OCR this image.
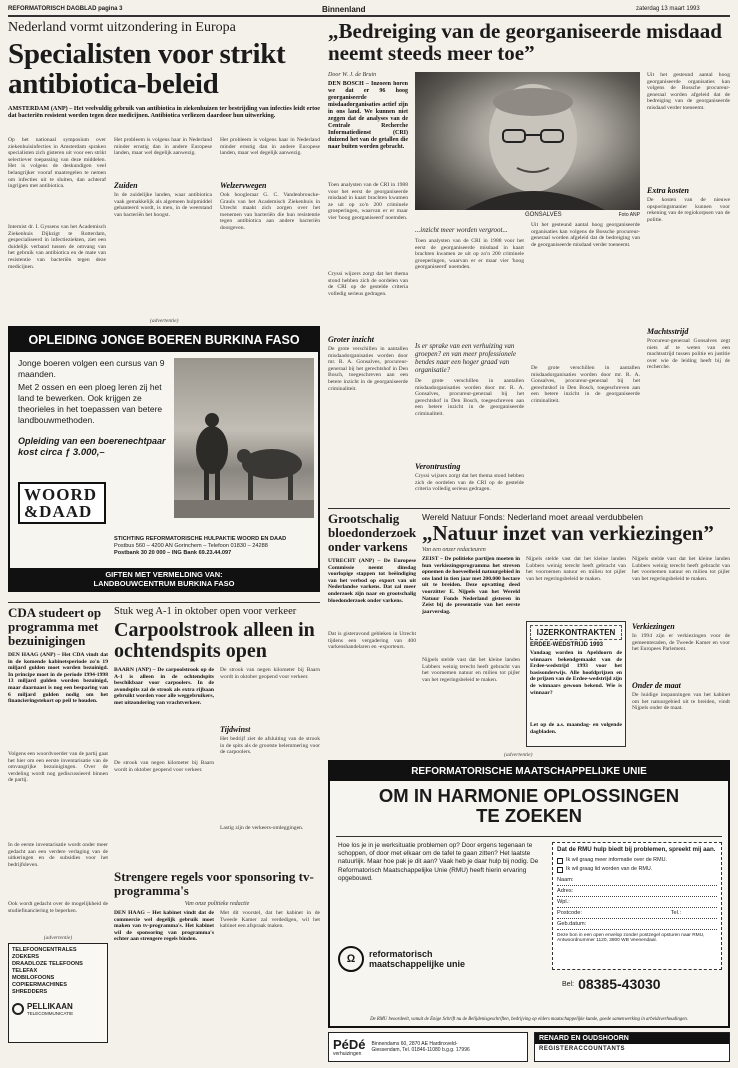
REFORMATORISCH DAGBLAD pagina 3	Binnenland	zaterdag 13 maart 1993
Nederland vormt uitzondering in Europa
Specialisten voor strikt antibiotica-beleid
AMSTERDAM (ANP) – Het veelvuldig gebruik van antibiotica in ziekenhuizen ter bestrijding van infecties leidt ertoe dat bacteriën resistent worden tegen deze medicijnen. Antibiotica verliezen daardoor hun uitwerking.
Op het nationaal symposium over ziekenhuisinfecties in Amsterdam spraken specialisten zich gisteren uit voor een strikt selectiever toepassing van deze middelen. Het is volgens de deskundigen veel belangrijker vooraf maatregelen te nemen om infecties uit te sluiten, dan achteraf ingrijpen met antibiotica.
Internist dr. I. Gyssens van het Academisch Ziekenhuis Dijkzigt te Rotterdam, gespecialiseerd in infectieziekten, ziet een duidelijk verband tussen de omvang van het gebruik van antibiotica en de mate van resistentie van bacteriën tegen deze medicijnen.
Het probleem is volgens haar in Nederland minder ernstig dan in andere Europese landen, maar wel degelijk aanwezig.
Zuiden
In de zuidelijke landen, waar antibiotica vaak gemakkelijk als algemeen hulpmiddel gehanteerd wordt, is men, in de weerstand van bacteriën het hoogst.
Het probleem is volgens haar in Nederland minder ernstig dan in andere Europese landen, maar wel degelijk aanwezig.
Welzervwegen
Ook hoogleraar G. C. Vandenbroucke-Grauls van het Academisch Ziekenhuis in Utrecht maakt zich zorgen over het toenemen van bacteriën die hun resistentie tegen antibiotica aan andere bacteriën doorgeven.
(advertentie)
OPLEIDING JONGE BOEREN BURKINA FASO
Jonge boeren volgen een cursus van 9 maanden.
Met 2 ossen en een ploeg leren zij het land te bewerken. Ook krijgen ze theorieles in het toepassen van betere landbouwmethoden.
Opleiding van een boerenechtpaar
kost circa ƒ 3.000,–
WOORD
&DAAD
STICHTING REFORMATORISCHE HULPAKTIE WOORD EN DAAD
Postbus 560 – 4200 AN Gorinchem – Telefoon 01830 – 24288
Postbank 30 20 000 – ING Bank 69.23.44.097
GIFTEN MET VERMELDING VAN:
LANDBOUWCENTRUM BURKINA FASO
„Bedreiging van de georganiseerde misdaad neemt steeds meer toe”
Door W. J. de Bruin
DEN BOSCH – Inzoeen horen we dat er 96 hoog georganiseerde misdaadorganisaties actief zijn in ons land. We kunnen niet zeggen dat de analyses van de Centrale Recherche Informatiedienst (CRI) duizend het van de getallen die naar buiten worden gebracht.
Toen analysten van de CRI in 1988 voor het eerst de georganiseerde misdaad in kaart brachten kwamen ze uit op zo'n 200 criminele groeperingen, waarvan er er maar vier 'hoog georganiseerd' noemden.
Cryssi wijzers zorgt dat het thema stond hebben zich de oordelen van de CRI op de gestelde criteria volledig serieus gedragen.
Groter inzicht
De grote verschillen in aantallen misdaadorganisaties worden door mr. R. A. Gonsalves, procureur-generaal bij het gerechtshof in Den Bosch, toegeschreven aan een betere inzicht in de georganiseerde criminaliteit.
GONSALVES	Foto ANP
...inzicht meer worden vergroot...
Toen analysten van de CRI in 1988 voor het eerst de georganiseerde misdaad in kaart brachten kwamen ze uit op zo'n 200 criminele groeperingen, waarvan er er maar vier 'hoog georganiseerd' noemden.
Is er sprake van een verhuizing van groepen? en van meer professionele bendes naar een hoger graad van organisatie?
De grote verschillen in aantallen misdaadorganisaties worden door mr. R. A. Gonsalves, procureur-generaal bij het gerechtshof in Den Bosch, toegeschreven aan een betere inzicht in de georganiseerde criminaliteit.
Verontrusting
Cryssi wijzers zorgt dat het thema stond hebben zich de oordelen van de CRI op de gestelde criteria volledig serieus gedragen.
Uit het gesteund aantal hoog georganiseerde organisaties kan volgens de Bossche procureur-generaal worden afgeleid dat de bedreiging van de georganiseerde misdaad verder toeneemt.
De grote verschillen in aantallen misdaadorganisaties worden door mr. R. A. Gonsalves, procureur-generaal bij het gerechtshof in Den Bosch, toegeschreven aan een betere inzicht in de georganiseerde criminaliteit.
Uit het gesteund aantal hoog georganiseerde organisaties kan volgens de Bossche procureur-generaal worden afgeleid dat de bedreiging van de georganiseerde misdaad verder toeneemt.
Extra kosten
De kosten van de nieuwe opsporingsmanier kunnen voor rekening van de regiokorpsen van de politie.
Machtsstrijd
Procureur-generaal Gonsalves zegt niets af te weten van een machtsstrijd tussen politie en justitie over wie de leiding heeft bij de recherche.
Grootschalig bloedonderzoek onder varkens
UTRECHT (ANP) – De Europese Commissie neemt dinsdag voorlopige stappen tot beëindiging van het verbod op export van uit Nederlandse varkens. Dat zal meer onderzoek zijn naar en grootschalig bloedonderzoek onder varkens.
Dat is gisteravond gebleken in Utrecht tijdens een vergadering van 400 varkenshandelaren en -exporteurs.
Wereld Natuur Fonds: Nederland moet areaal verdubbelen
„Natuur inzet van verkiezingen”
Van een onzer redacteuren
ZEIST – De politieke partijen moeten in hun verkiezingsprogramma het streven opnemen de hoeveelheid natuurgebied in ons land in tien jaar met 200.000 hectare uit te breiden. Deze opvatting deed voorzitter E. Nijpels van het Wereld Natuur Fonds Nederland gisteren in Zeist bij de presentatie van het eerste jaarverslag.
Nijpels stelde vast dat het kleine landen Lubbers weinig terecht heeft gebracht van het voornemen natuur en milieu tot pijler van het regeringsbeleid te maken.
Nijpels stelde vast dat het kleine landen Lubbers weinig terecht heeft gebracht van het voornemen natuur en milieu tot pijler van het regeringsbeleid te maken.
IJZERKONTRAKTEN
ERDEE-WEDSTRIJD 1993
Vandaag worden in Apeldoorn de winnaars bekendgemaakt van de Erdee-wedstrijd 1993 voor het basisonderwijs. Alle hoofdprijzen en de prijzen van de Erdee-wedstrijd zijn de winnaars gewoon bekend. Wie is winnaar?
Let op de a.s. maandag- en volgende dagbladen.
Nijpels stelde vast dat het kleine landen Lubbers weinig terecht heeft gebracht van het voornemen natuur en milieu tot pijler van het regeringsbeleid te maken.
Verkiezingen
In 1994 zijn er verkiezingen voor de gemeenteraden, de Tweede Kamer en voor het Europees Parlement.
Onder de maat
De huidige inspanningen van het kabinet om het natuurgebied uit te breiden, vindt Nijpels onder de maat.
CDA studeert op programma met bezuinigingen
DEN HAAG (ANP) – Het CDA vindt dat in de komende kabinetsperiode zo'n 19 miljard gulden moet worden bezuinigd. In principe moet in de periode 1994-1998 13 miljard gulden worden bezuinigd, maar daarnaast is nog een besparing van 6 miljard gulden nodig om het financieringstekort op peil te houden.
Volgens een woordvoerder van de partij gaat het hier om een eerste inventarisatie van de omvangrijke bezuinigingen. Over de verdeling wordt nog gediscussieerd binnen de partij.
In de eerste inventarisatie wordt onder meer gedacht aan een verdere verlaging van de uitkeringen en de subsidies voor het bedrijfsleven.
Ook wordt gedacht over de mogelijkheid de studiefinanciering te beperken.
(advertentie)
TELEFOONCENTRALES
ZOEKERS
DRAADLOZE TELEFOONS
TELEFAX
MOBILOFOONS
COPIEERMACHINES
SHREDDERS
PELLIKAAN
TELECOMMUNICATIE
Stuk weg A-1 in oktober open voor verkeer
Carpoolstrook alleen in ochtendspits open
BAARN (ANP) – De carpoolstrook op de A-1 is alleen in de ochtendspits beschikbaar voor carpoolers. In de avondspits zal de strook als extra rijbaan gebruikt worden voor alle weggebruikers, met uitzondering van vrachtverkeer.
De strook van negen kilometer bij Baarn wordt in oktober geopend voor verkeer.
De strook van negen kilometer bij Baarn wordt in oktober geopend voor verkeer.
Tijdwinst
Het bedrijf ziet de afsluiting van de strook in de spits als de grootste belemmering voor de carpoolers.
Lastig zijn de verkeers-omleggingen.
Strengere regels voor sponsoring tv-programma's
Van onze politieke redactie
DEN HAAG – Het kabinet vindt dat de commercie wel degelijk gebruik moet maken van tv-programma's. Het kabinet wil de sponsoring van programma's echter aan strengere regels binden.
Met dit voorstel, dat het kabinet in de Tweede Kamer zal verdedigen, wil het kabinet een afspraak maken.
(advertentie)
REFORMATORISCHE MAATSCHAPPELIJKE UNIE
OM IN HARMONIE OPLOSSINGEN
TE ZOEKEN
Hoe los je in je werksituatie problemen op? Door ergens tegenaan te schoppen, of door met elkaar om de tafel te gaan zitten? Het laatste natuurlijk. Maar hoe pak je dit aan? Vaak heb je daar hulp bij nodig. De Reformatorisch Maatschappelijke Unie (RMU) heeft hierin ervaring opgebouwd.
Dat de RMU hulp biedt bij problemen, spreekt mij aan.
Ik wil graag meer informatie over de RMU.
Ik wil graag lid worden van de RMU.
Naam:
Adres:
Wpl.:
Postcode:	Tel.:
Geb.datum:
Deze bon in een open envelop zonder postzegel opsturen naar RMU, Antwoordnummer 1120, 3800 WB Veenendaal.
Ω	reformatorisch
maatschappelijke unie
Bel: 08385-43030
De RMU beoordeelt, vanuit de Enige Schrift nu de Belijdenisgeschriften, bedrijving op elders maatschappelijke kunde, goede samenwerking in arbeidsverhoudingen.
PéDé
verhuizingen
Binnendams 60, 2870 AE Hardinxveld-Giessendam, Tel. 01846-11080 b.g.g. 17996
RENARD EN OUDSHOORN
REGISTERACCOUNTANTS
